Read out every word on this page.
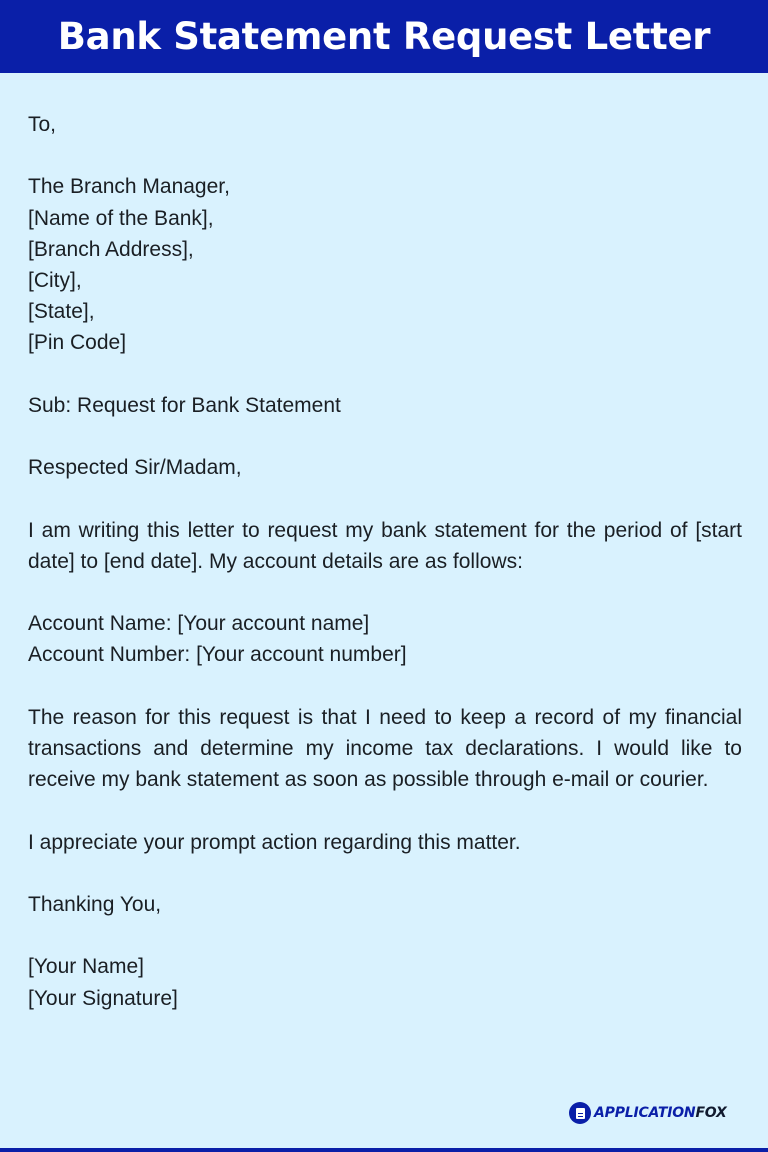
Bank Statement Request Letter
To,
The Branch Manager,
[Name of the Bank],
[Branch Address],
[City],
[State],
[Pin Code]
Sub: Request for Bank Statement
Respected Sir/Madam,
I am writing this letter to request my bank statement for the period of [start date] to [end date]. My account details are as follows:
Account Name: [Your account name]
Account Number: [Your account number]
The reason for this request is that I need to keep a record of my financial transactions and determine my income tax declarations. I would like to receive my bank statement as soon as possible through e-mail or courier.
I appreciate your prompt action regarding this matter.
Thanking You,
[Your Name]
[Your Signature]
APPLICATIONFOX
